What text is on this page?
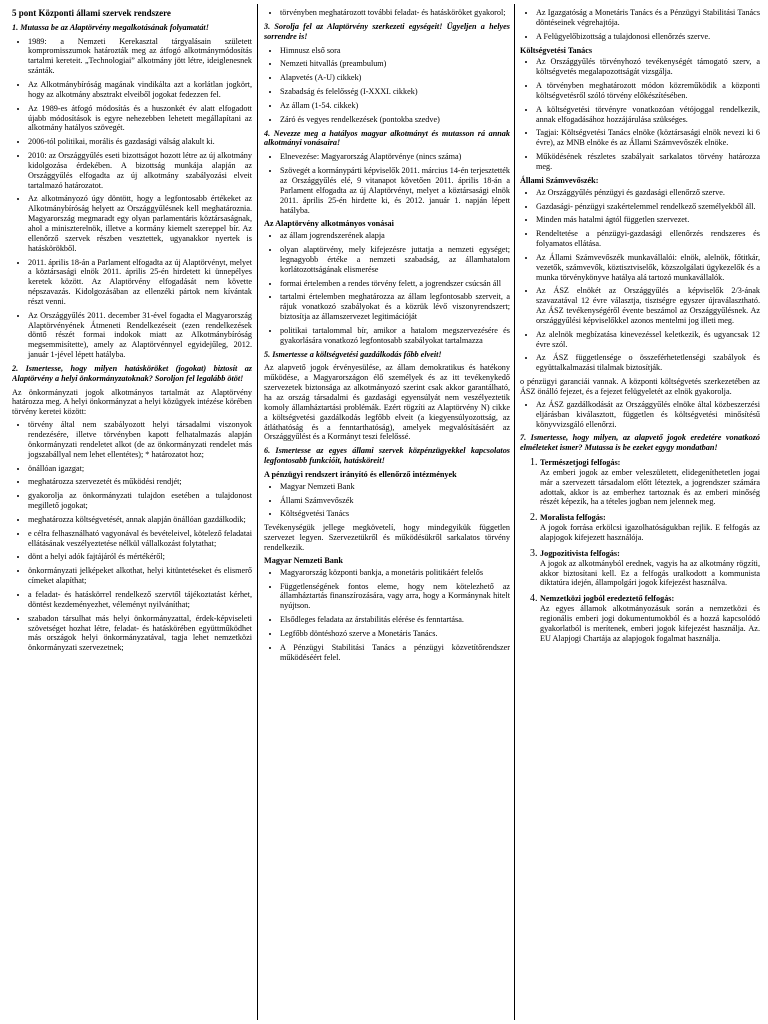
5 pont Központi állami szervek rendszere
1. Mutassa be az Alaptörvény megalkotásának folyamatát!
• 1989: a Nemzeti Kerekasztal tárgyalásain született kompromisszumok határozták meg az átfogó alkotmánymódosítás tartalmi kereteit. „Technologiai” alkotmány jött létre, ideiglenesnek szánták.
• Az Alkotmánybíróság magának vindikálta azt a korlátlan jogkört, hogy az alkotmány absztrakt elveiből jogokat fedezzen fel.
• Az 1989-es átfogó módosítás és a huszonkét év alatt elfogadott újabb módosítások is egyre nehezebben lehetett megállapítani az alkotmány hatályos szövegét.
• 2006-tól politikai, morális és gazdasági válság alakult ki.
• 2010: az Országgyűlés eseti bizottságot hozott létre az új alkotmány kidolgozása érdekében. A bizottság munkája alapján az Országgyűlés elfogadta az új alkotmány szabályozási elveit tartalmazó határozatot.
• Az alkotmányozó úgy döntött, hogy a legfontosabb értékeket az Alkotmánybíróság helyett az Országgyűlésnek kell meghatároznia. Magyarország megmaradt egy olyan parlamentáris köztársaságnak, ahol a miniszterelnök, illetve a kormány kiemelt szereppel bír. Az ellenőrző szervek részben vesztettek, ugyanakkor nyertek is hatáskörökből.
• 2011. április 18-án a Parlament elfogadta az új Alaptörvényt, melyet a köztársasági elnök 2011. április 25-én hirdetett ki ünnepélyes keretek között. Az Alaptörvény elfogadását nem követte népszavazás. Kidolgozásában az ellenzéki pártok nem kívántak részt venni.
• Az Országgyűlés 2011. december 31-ével fogadta el Magyarország Alaptörvényének Átmeneti Rendelkezéseit (ezen rendelkezések döntő részét formai indokok miatt az Alkotmánybíróság megsemmisítette), amely az Alaptörvénnyel egyidejűleg, 2012. január 1-jével lépett hatályba.
2. Ismertesse, hogy milyen hatásköröket (jogokat) biztosít az Alaptörvény a helyi önkormányzatoknak? Soroljon fel legalább ötöt!

Az önkormányzati jogok alkotmányos tartalmát az Alaptörvény határozza meg. A helyi önkormányzat a helyi közügyek intézése körében törvény keretei között:

• törvény által nem szabályozott helyi társadalmi viszonyok rendezésére, illetve törvényben kapott felhatalmazás alapján önkormányzati rendeletet alkot (de az önkormányzati rendelet más jogszabállyal nem lehet ellentétes); * határozatot hoz;
• önállóan igazgat;
• meghatározza szervezetét és működési rendjét;
• gyakorolja az önkormányzati tulajdon esetében a tulajdonost megillető jogokat;
• meghatározza költségvetését, annak alapján önállóan gazdálkodik;
• e célra felhasználható vagyonával és bevételeivel, kötelező feladatai ellátásának veszélyeztetése nélkül vállalkozást folytathat;
• dönt a helyi adók fajtájáról és mértékéről;
• önkormányzati jelképeket alkothat, helyi kitüntetéseket és elismerő címeket alapíthat;
• a feladat- és hatáskörrel rendelkező szervtől tájékoztatást kérhet, döntést kezdeményezhet, véleményt nyilváníthat;
• szabadon társulhat más helyi önkormányzattal, érdek-képviseleti szövetséget hozhat létre, feladat- és hatáskörében együttműködhet más országok helyi önkormányzatával, tagja lehet nemzetközi önkormányzati szervezetnek;
• törvényben meghatározott további feladat- és hatásköröket gyakorol;
3. Sorolja fel az Alaptörvény szerkezeti egységeit! Ügyeljen a helyes sorrendre is!
• Himnusz első sora
• Nemzeti hitvallás (preambulum)
• Alapvetés (A-U) cikkek)
• Szabadság és felelősség (I-XXXI. cikkek)
• Az állam (1-54. cikkek)
• Záró és vegyes rendelkezések (pontokba szedve)
4. Nevezze meg a hatályos magyar alkotmányt és mutasson rá annak alkotmányi vonásaira!
• Elnevezése: Magyarország Alaptörvénye (nincs száma)
• Szövegét a kormánypárti képviselők 2011. március 14-én terjesztették az Országgyűlés elé, 9 vitanapot követően 2011. április 18-án a Parlament elfogadta az új Alaptörvényt, melyet a köztársasági elnök 2011. április 25-én hirdette ki, és 2012. január 1. napján lépett hatályba.
Az Alaptörvény alkotmányos vonásai
• az állam jogrendszerének alapja
• olyan alaptörvény, mely kifejezésre juttatja a nemzeti egységet; legnagyobb értéke a nemzeti szabadság, az államhatalom korlátozottságának elismerése
• formai értelemben a rendes törvény felett, a jogrendszer csúcsán áll
• tartalmi értelemben meghatározza az állam legfontosabb szerveit, a rájuk vonatkozó szabályokat és a közrük lévő viszonyrendszert; biztosítja az államszervezet legitimációját
• politikai tartalommal bír, amikor a hatalom megszervezésére és gyakorlására vonatkozó legfontosabb szabályokat tartalmazza
5. Ismertesse a költségvetési gazdálkodás főbb elveit!

Az alapvető jogok érvényesülése, az állam demokratikus és hatékony működése, a Magyarországon élő személyek és az itt tevékenykedő szervezetek biztonsága az alkotmányozó szerint csak akkor garantálható, ha az ország társadalmi és gazdasági egyensúlyát nem veszélyeztetik komoly államháztartási problémák. Ezért rögzíti az Alaptörvény N) cikke a költségvetési gazdálkodás legfőbb elveit (a kiegyensúlyozottság, az átláthatóság és a fenntarthatóság), amelyek megvalósításáért az Országgyűlést és a Kormányt teszi felelőssé.

6. Ismertesse az egyes állami szervek közpénzügyekkel kapcsolatos legfontosabb funkcióit, hatásköreit!
A pénzügyi rendszert irányító és ellenőrző intézmények
• Magyar Nemzeti Bank
• Állami Számvevőszék
• Költségvetési Tanács

Tevékenységük jellege megkövetelí, hogy mindegyikük független szervezet legyen. Szervezetükről és működésükről sarkalatos törvény rendelkezik.

Magyar Nemzeti Bank
• Magyarország központi bankja, a monetáris politikáért felelős
• Függetlenségének fontos eleme, hogy nem kötelezhető az államháztartás finanszírozására, vagy arra, hogy a Kormánynak hitelt nyújtson.
• Elsődleges feladata az árstabilitás elérése és fenntartása.
• Legfőbb döntéshozó szerve a Monetáris Tanács.
• A Pénzügyi Stabilitási Tanács a pénzügyi közvetítőrendszer működéséért felel.
• Az Igazgatóság a Monetáris Tanács és a Pénzügyi Stabilitási Tanács döntéseinek végrehajtója.
• A Felügyelőbizottság a tulajdonosi ellenőrzés szerve.
Költségvetési Tanács
• Az Országgyűlés törvényhozó tevékenységét támogató szerv, a költségvetés megalapozottságát vizsgálja.
• A törvényben meghatározott módon közreműködik a központi költségvetésről szóló törvény előkészítésében.
• A költségvetési törvényre vonatkozóan vétójoggal rendelkezik, annak elfogadásához hozzájárulása szükséges.
• Tagjai: Költségvetési Tanács elnöke (köztársasági elnök nevezi ki 6 évre), az MNB elnöke és az Állami Számvevőszék elnöke.
• Működésének részletes szabályait sarkalatos törvény határozza meg.
Állami Számvevőszék:
• Az Országgyűlés pénzügyi és gazdasági ellenőrző szerve.
• Gazdasági- pénzügyi szakértelemmel rendelkező személyekből áll.
• Minden más hatalmi ágtól független szervezet.
• Rendeltetése a pénzügyi-gazdasági ellenőrzés rendszeres és folyamatos ellátása.
• Az Állami Számvevőszék munkavállalói: elnök, alelnök, főtitkár, vezetők, számvevők, köztisztviselők, közszolgálati ügykezelők és a munka törvénykönyve hatálya alá tartozó munkavállalók.
• Az ÁSZ elnökét az Országgyűlés a képviselők 2/3-ának szavazatával 12 évre választja, tisztségre egyszer újraválasztható. Az ÁSZ tevékenységéről évente beszámol az Országgyűlésnek. Az országgyűlési képviselőkkel azonos mentelmi jog illeti meg.
• Az alelnök megbízatása kinevezéssel keletkezik, és ugyancsak 12 évre szól.
• Az ÁSZ függetlensége o összeférhetetlenségi szabályok és együttalkalmazási tilalmak biztosítják.

o pénzügyi garanciái vannak. A központi költségvetés szerkezetében az ÁSZ önálló fejezet, és a fejezet felügyeletét az elnök gyakorolja.

• Az ÁSZ gazdálkodását az Országgyűlés elnöke által közbeszerzési eljárásban kiválasztott, független és költségvetési minősítésű könyvvizsgáló ellenőrzi.
7. Ismertesse, hogy milyen, az alapvető jogok eredetére vonatkozó elméleteket ismer? Mutassa is be ezeket egygy mondatban!
1. Természetjogi felfogás:
Az emberi jogok az ember veleszületett, elidegeníthetetlen jogai már a szervezett társadalom előtt léteztek, a jogrendszer számára adottak, akkor is az emberhez tartoznak és az emberi minőség részét képezik, ha a tételes jogban nem jelennek meg.
2. Moralista felfogás:
A jogok forrása erkölcsi igazolhatóságukban rejlik. E felfogás az alapjogok kifejezett használója.
3. Jogpozitivista felfogás:
A jogok az alkotmányból erednek, vagyis ha az alkotmány rögzíti, akkor biztosítani kell. Ez a felfogás uralkodott a kommunista diktatúra idején, állampolgári jogok kifejezést használva.
4. Nemzetközi jogból eredeztető felfogás:
Az egyes államok alkotmányozásuk során a nemzetközi és regionális emberi jogi dokumentumokból és a hozzá kapcsolódó gyakorlatból is merítenek, emberi jogok kifejezést használja. Az. EU Alapjogi Chartája az alapjogok fogalmat használja.
